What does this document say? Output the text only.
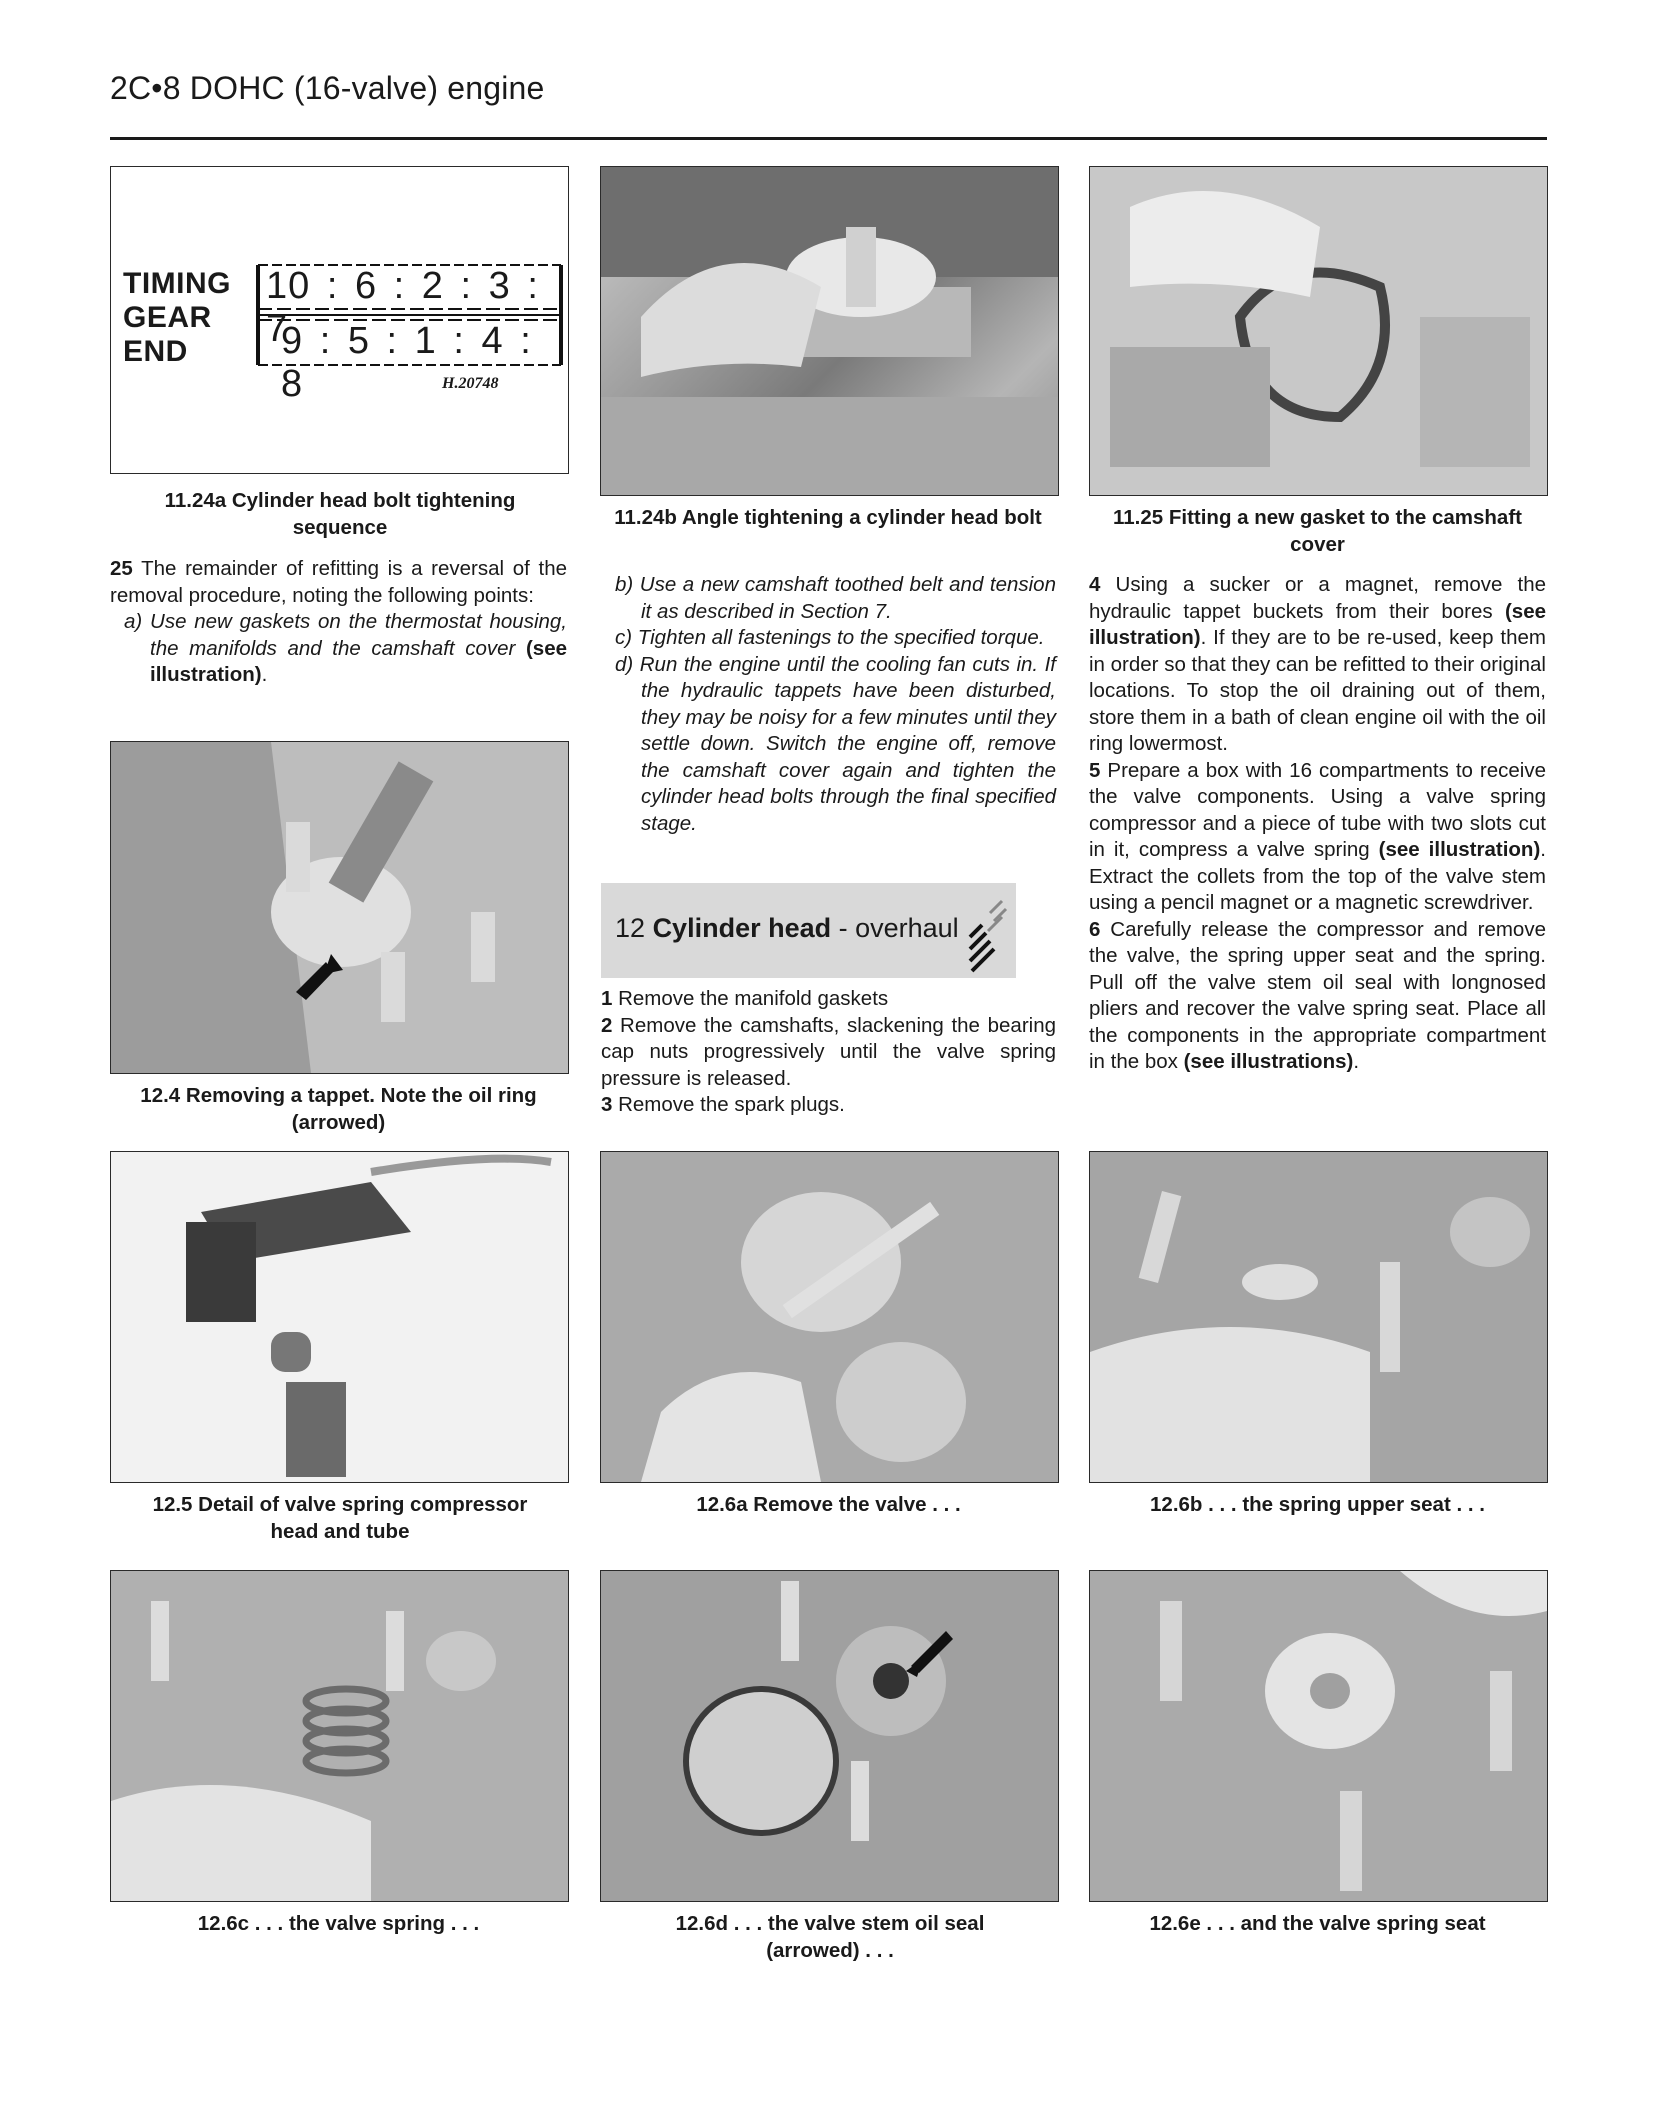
2C•8 DOHC (16-valve) engine
TIMING
GEAR
END
10 : 6 : 2 : 3 : 7
9 : 5 : 1 : 4 : 8	H.20748
11.24a Cylinder head bolt tightening sequence	11.24b Angle tightening a cylinder head bolt	11.25 Fitting a new gasket to the camshaft cover

25 The remainder of refitting is a reversal of the removal procedure, noting the following points:

a) Use new gaskets on the thermostat housing, the manifolds and the camshaft cover (see illustration).

12.4 Removing a tappet. Note the oil ring (arrowed)

b) Use a new camshaft toothed belt and tension it as described in Section 7.

c) Tighten all fastenings to the specified torque.

d) Run the engine until the cooling fan cuts in. If the hydraulic tappets have been disturbed, they may be noisy for a few minutes until they settle down. Switch the engine off, remove the camshaft cover again and tighten the cylinder head bolts through the final specified stage.

12 Cylinder head - overhaul

1 Remove the manifold gaskets

2 Remove the camshafts, slackening the bearing cap nuts progressively until the valve spring pressure is released.

3 Remove the spark plugs.

4 Using a sucker or a magnet, remove the hydraulic tappet buckets from their bores (see illustration). If they are to be re-used, keep them in order so that they can be refitted to their original locations. To stop the oil draining out of them, store them in a bath of clean engine oil with the oil ring lowermost.

5 Prepare a box with 16 compartments to receive the valve components. Using a valve spring compressor and a piece of tube with two slots cut in it, compress a valve spring (see illustration). Extract the collets from the top of the valve stem using a pencil magnet or a magnetic screwdriver.

6 Carefully release the compressor and remove the valve, the spring upper seat and the spring. Pull off the valve stem oil seal with longnosed pliers and recover the valve spring seat. Place all the components in the appropriate compartment in the box (see illustrations).

12.5 Detail of valve spring compressor head and tube
12.6a Remove the valve . . .	12.6b . . . the spring upper seat . . .
12.6c . . . the valve spring . . .	12.6d . . . the valve stem oil seal (arrowed) . . .
12.6e . . . and the valve spring seat
